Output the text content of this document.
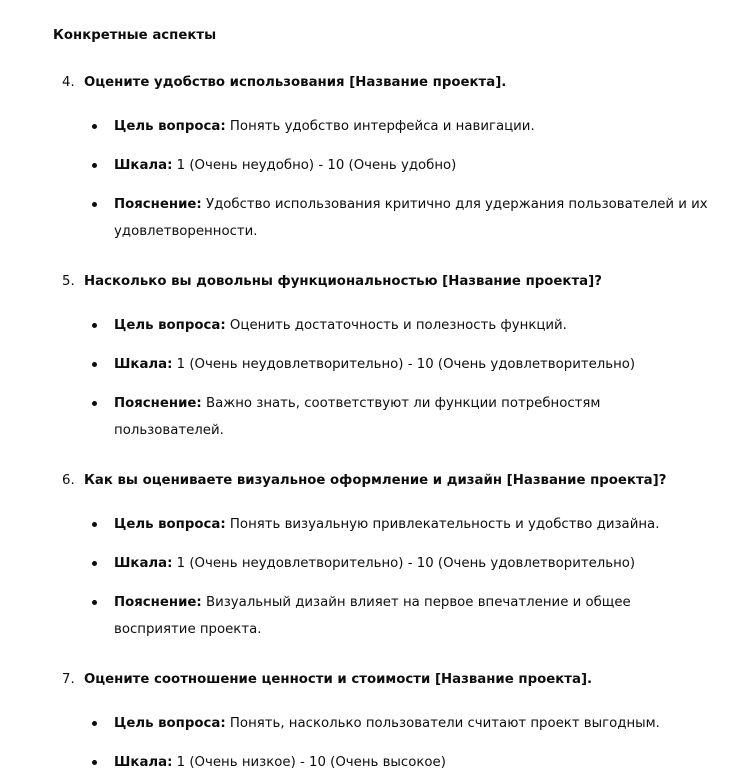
Конкретные аспекты

4. Оцените удобство использования [Название проекта].
Цель вопроса: Понять удобство интерфейса и навигации.
Шкала: 1 (Очень неудобно) - 10 (Очень удобно)
Пояснение: Удобство использования критично для удержания пользователей и их удовлетворенности.
5. Насколько вы довольны функциональностью [Название проекта]?
Цель вопроса: Оценить достаточность и полезность функций.
Шкала: 1 (Очень неудовлетворительно) - 10 (Очень удовлетворительно)
Пояснение: Важно знать, соответствуют ли функции потребностям пользователей.
6. Как вы оцениваете визуальное оформление и дизайн [Название проекта]?
Цель вопроса: Понять визуальную привлекательность и удобство дизайна.
Шкала: 1 (Очень неудовлетворительно) - 10 (Очень удовлетворительно)
Пояснение: Визуальный дизайн влияет на первое впечатление и общее восприятие проекта.
7. Оцените соотношение ценности и стоимости [Название проекта].
Цель вопроса: Понять, насколько пользователи считают проект выгодным.
Шкала: 1 (Очень низкое) - 10 (Очень высокое)
